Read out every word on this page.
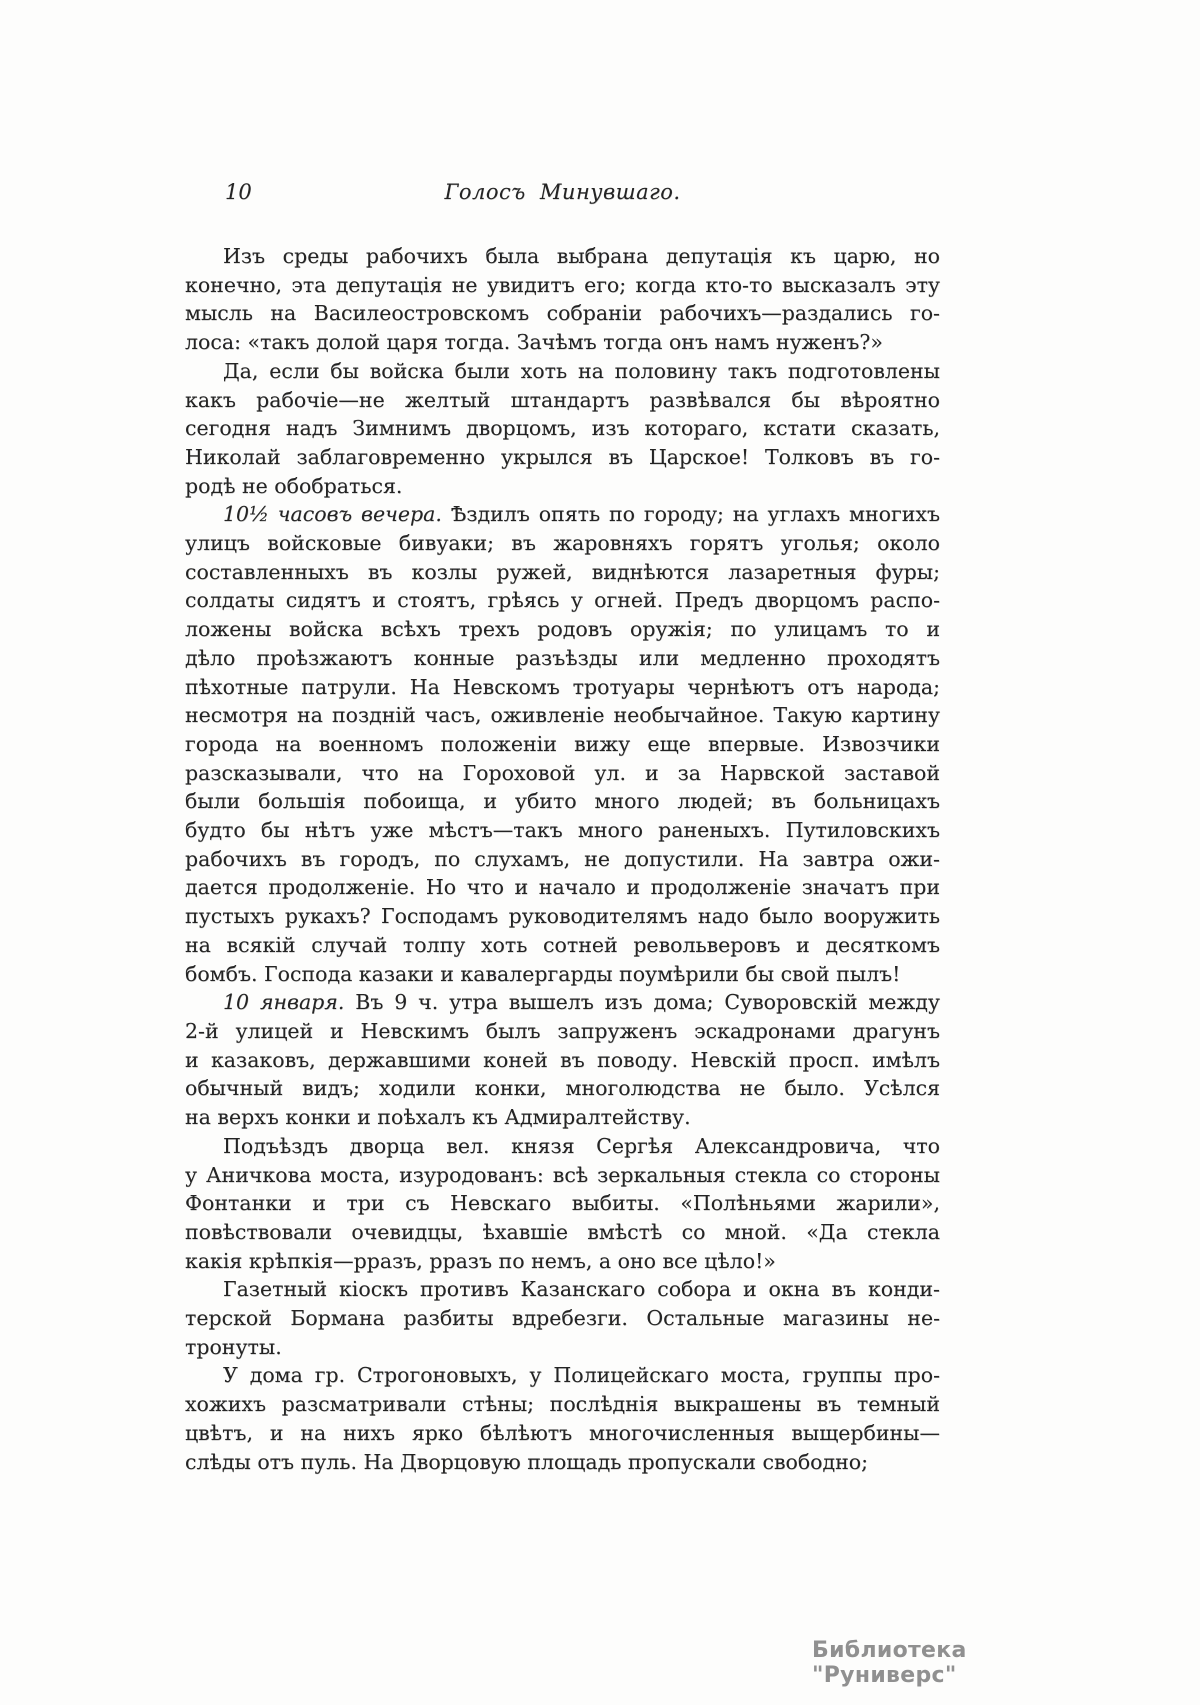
10	Голосъ Минувшаго.
Изъ среды рабочихъ была выбрана депутація къ царю, но
конечно, эта депутація не увидитъ его; когда кто-то высказалъ эту
мысль на Василеостровскомъ собраніи рабочихъ—раздались го-
лоса: «такъ долой царя тогда. Зачѣмъ тогда онъ намъ нуженъ?»
Да, если бы войска были хоть на половину такъ подготовлены
какъ рабочіе—не желтый штандартъ развѣвался бы вѣроятно
сегодня надъ Зимнимъ дворцомъ, изъ котораго, кстати сказать,
Николай заблаговременно укрылся въ Царское! Толковъ въ го-
родѣ не обобраться.
10½ часовъ вечера. Ѣздилъ опять по городу; на углахъ многихъ
улицъ войсковые бивуаки; въ жаровняхъ горятъ уголья; около
составленныхъ въ козлы ружей, виднѣются лазаретныя фуры;
солдаты сидятъ и стоятъ, грѣясь у огней. Предъ дворцомъ распо-
ложены войска всѣхъ трехъ родовъ оружія; по улицамъ то и
дѣло проѣзжаютъ конные разъѣзды или медленно проходятъ
пѣхотные патрули. На Невскомъ тротуары чернѣютъ отъ народа;
несмотря на поздній часъ, оживленіе необычайное. Такую картину
города на военномъ положеніи вижу еще впервые. Извозчики
разсказывали, что на Гороховой ул. и за Нарвской заставой
были большія побоища, и убито много людей; въ больницахъ
будто бы нѣтъ уже мѣстъ—такъ много раненыхъ. Путиловскихъ
рабочихъ въ городъ, по слухамъ, не допустили. На завтра ожи-
дается продолженіе. Но что и начало и продолженіе значатъ при
пустыхъ рукахъ? Господамъ руководителямъ надо было вооружить
на всякій случай толпу хоть сотней револьверовъ и десяткомъ
бомбъ. Господа казаки и кавалергарды поумѣрили бы свой пылъ!
10 января. Въ 9 ч. утра вышелъ изъ дома; Суворовскій между
2-й улицей и Невскимъ былъ запруженъ эскадронами драгунъ
и казаковъ, державшими коней въ поводу. Невскій просп. имѣлъ
обычный видъ; ходили конки, многолюдства не было. Усѣлся
на верхъ конки и поѣхалъ къ Адмиралтейству.
Подъѣздъ дворца вел. князя Сергѣя Александровича, что
у Аничкова моста, изуродованъ: всѣ зеркальныя стекла со стороны
Фонтанки и три съ Невскаго выбиты. «Полѣньями жарили»,
повѣствовали очевидцы, ѣхавшіе вмѣстѣ со мной. «Да стекла
какія крѣпкія—рразъ, рразъ по немъ, а оно все цѣло!»
Газетный кіоскъ противъ Казанскаго собора и окна въ конди-
терской Бормана разбиты вдребезги. Остальные магазины не-
тронуты.
У дома гр. Строгоновыхъ, у Полицейскаго моста, группы про-
хожихъ разсматривали стѣны; послѣднія выкрашены въ темный
цвѣтъ, и на нихъ ярко бѣлѣютъ многочисленныя выщербины—
слѣды отъ пуль. На Дворцовую площадь пропускали свободно;
Библиотека "Руниверс"
